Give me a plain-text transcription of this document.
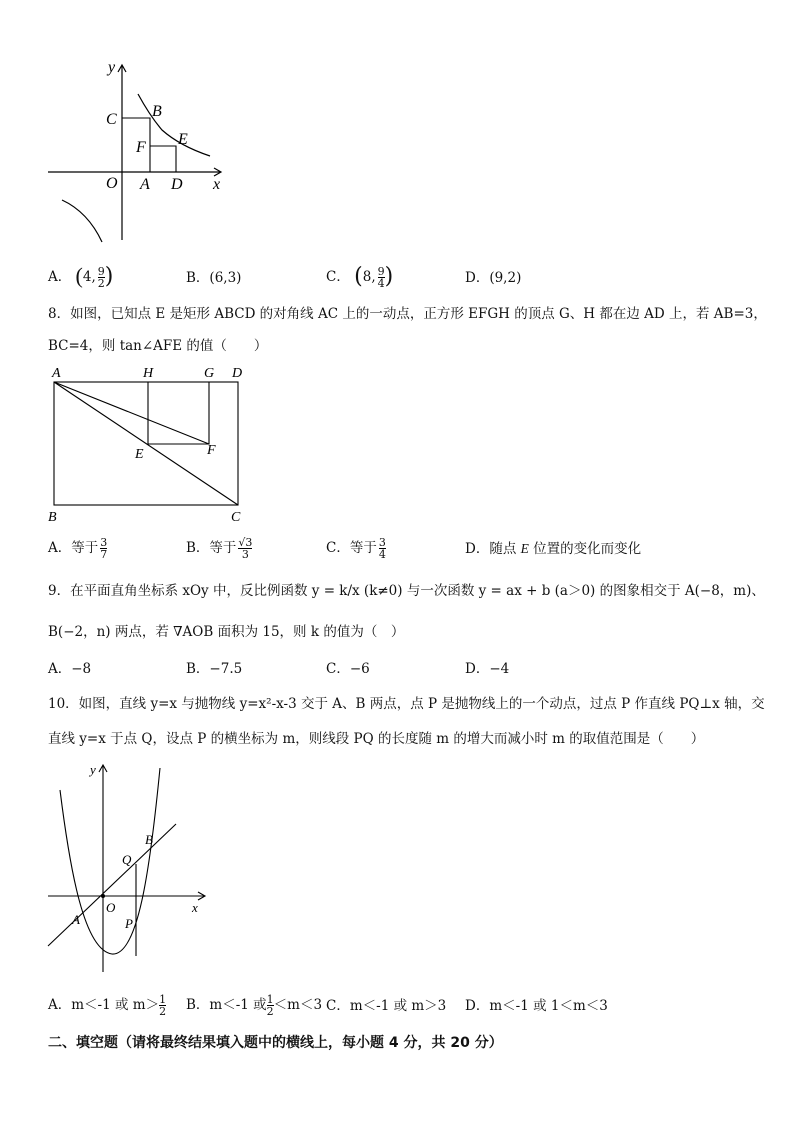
y
x
O A D
C B
E
F
A． (4, $\frac{9}{2}$ )	B．(6,3)	C． (8, $\frac{9}{4}$ )	D．(9,2)
8．如图，已知点 E 是矩形 ABCD 的对角线 AC 上的一动点，正方形 EFGH 的顶点 G、H 都在边 AD 上，若 AB=3，
BC=4，则 tan∠AFE 的值（　　）
A	H	G D
E	F
B	C
A．等于 $\frac{3}{7}$	B．等于 $\frac{√3}{3}$	C．等于 $\frac{3}{4}$	D．随点 E 位置的变化而变化
9．在平面直角坐标系 xOy 中，反比例函数 y = k/x (k≠0) 与一次函数 y = ax + b (a＞0) 的图象相交于 A(−8，m)、
B(−2，n) 两点，若 ∇AOB 面积为 15，则 k 的值为（　）
A．−8	B．−7.5	C．−6	D．−4
10．如图，直线 y=x 与抛物线 y=x²-x-3 交于 A、B 两点，点 P 是抛物线上的一个动点，过点 P 作直线 PQ⊥x 轴，交
直线 y=x 于点 Q，设点 P 的横坐标为 m，则线段 PQ 的长度随 m 的增大而减小时 m 的取值范围是（　　）
y
x
O
A
B
Q
P
A．m＜-1 或 $m> \frac{1}{2}$ B．m＜-1 或 $\frac{1}{2} <m<3$ C．m＜-1 或 m＞3 D．m＜-1 或 1＜m＜3
二、填空题（请将最终结果填入题中的横线上，每小题 4 分，共 20 分）
